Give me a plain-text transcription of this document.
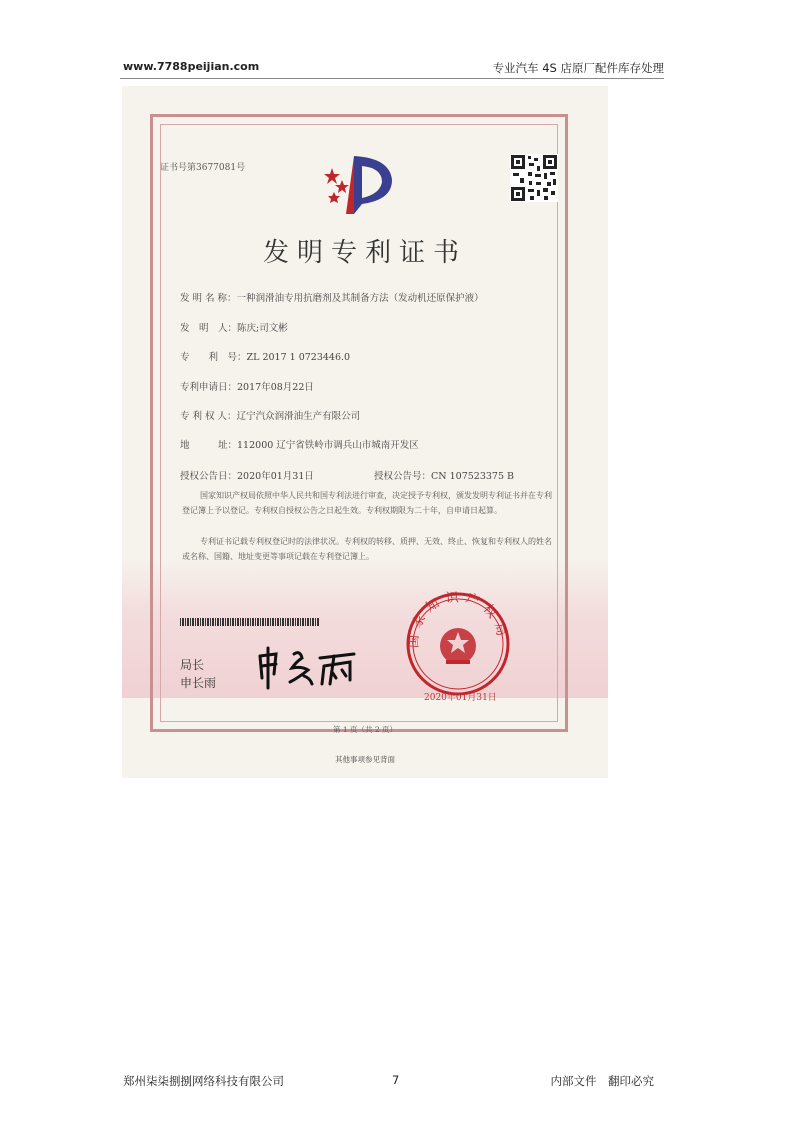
www.7788peijian.com	专业汽车 4S 店原厂配件库存处理
证书号第3677081号
发明专利证书
发 明 名 称：一种润滑油专用抗磨剂及其制备方法（发动机还原保护液）
发　明　人：陈庆;司文彬
专　　利　号：ZL 2017 1 0723446.0
专利申请日：2017年08月22日
专 利 权 人：辽宁汽众润滑油生产有限公司
地　　　址：112000 辽宁省铁岭市调兵山市城南开发区
授权公告日：2020年01月31日	授权公告号：CN 107523375 B
国家知识产权局依照中华人民共和国专利法进行审查，决定授予专利权，颁发发明专利证书并在专利登记簿上予以登记。专利权自授权公告之日起生效。专利权期限为二十年，自申请日起算。
专利证书记载专利权登记时的法律状况。专利权的转移、质押、无效、终止、恢复和专利权人的姓名或名称、国籍、地址变更等事项记载在专利登记簿上。
局长
申长雨
国家知识产权局
2020年01月31日
第 1 页（共 2 页）
其他事项参见背面
郑州柒柒捌捌网络科技有限公司	7	内部文件　翻印必究
